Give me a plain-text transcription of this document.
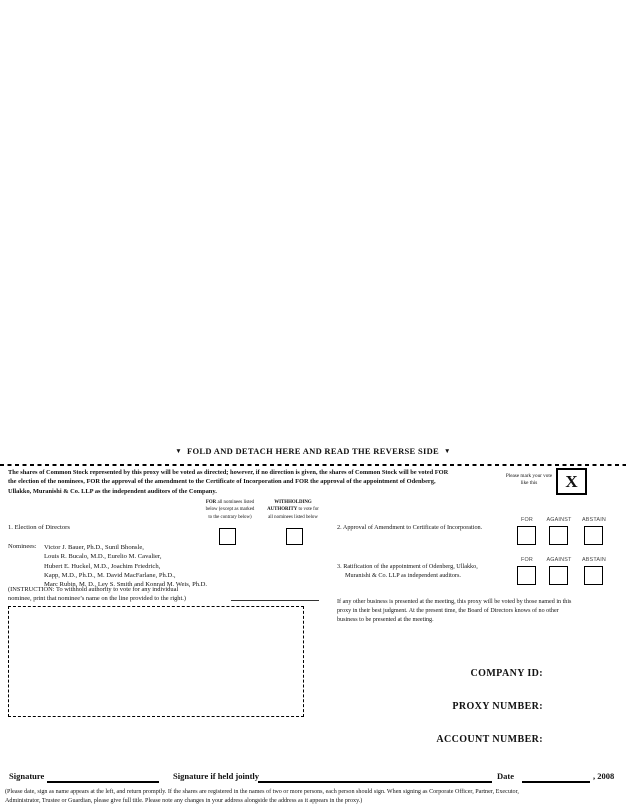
▼ FOLD AND DETACH HERE AND READ THE REVERSE SIDE ▼
The shares of Common Stock represented by this proxy will be voted as directed; however, if no direction is given, the shares of Common Stock will be voted FOR
the election of the nominees, FOR the approval of the amendment to the Certificate of Incorporation and FOR the approval of the appointment of Odenberg,
Ullakko, Muranishi & Co. LLP as the independent auditors of the Company.
Please mark your vote like this	X
FOR all nominees listed
below (except as marked
to the contrary below)
WITHHOLDING
AUTHORITY to vote for
all nominees listed below
1. Election of Directors
Nominees: Victor J. Bauer, Ph.D., Sunil Bhonsle,
Louis R. Bucalo, M.D., Eurelio M. Cavalier,
Hubert E. Huckel, M.D., Joachim Friedrich,
Kapp, M.D., Ph.D., M. David MacFarlane, Ph.D.,
Marc Rubin, M. D., Ley S. Smith and Konrad M. Weis, Ph.D.
(INSTRUCTION: To withhold authority to vote for any individual
nominee, print that nominee’s name on the line provided to the right.)
2. Approval of Amendment to Certificate of Incorporation.
FOR	AGAINST	ABSTAIN
3. Ratification of the appointment of Odenberg, Ullakko,
Muranishi & Co. LLP as independent auditors.
FOR	AGAINST	ABSTAIN
If any other business is presented at the meeting, this proxy will be voted by those named in this
proxy in their best judgment. At the present time, the Board of Directors knows of no other
business to be presented at the meeting.
COMPANY ID:
PROXY NUMBER:
ACCOUNT NUMBER:
Signature	Signature if held jointly	Date	, 2008
(Please date, sign as name appears at the left, and return promptly. If the shares are registered in the names of two or more persons, each person should sign. When signing as Corporate Officer, Partner, Executor,
Administrator, Trustee or Guardian, please give full title. Please note any changes in your address alongside the address as it appears in the proxy.)
